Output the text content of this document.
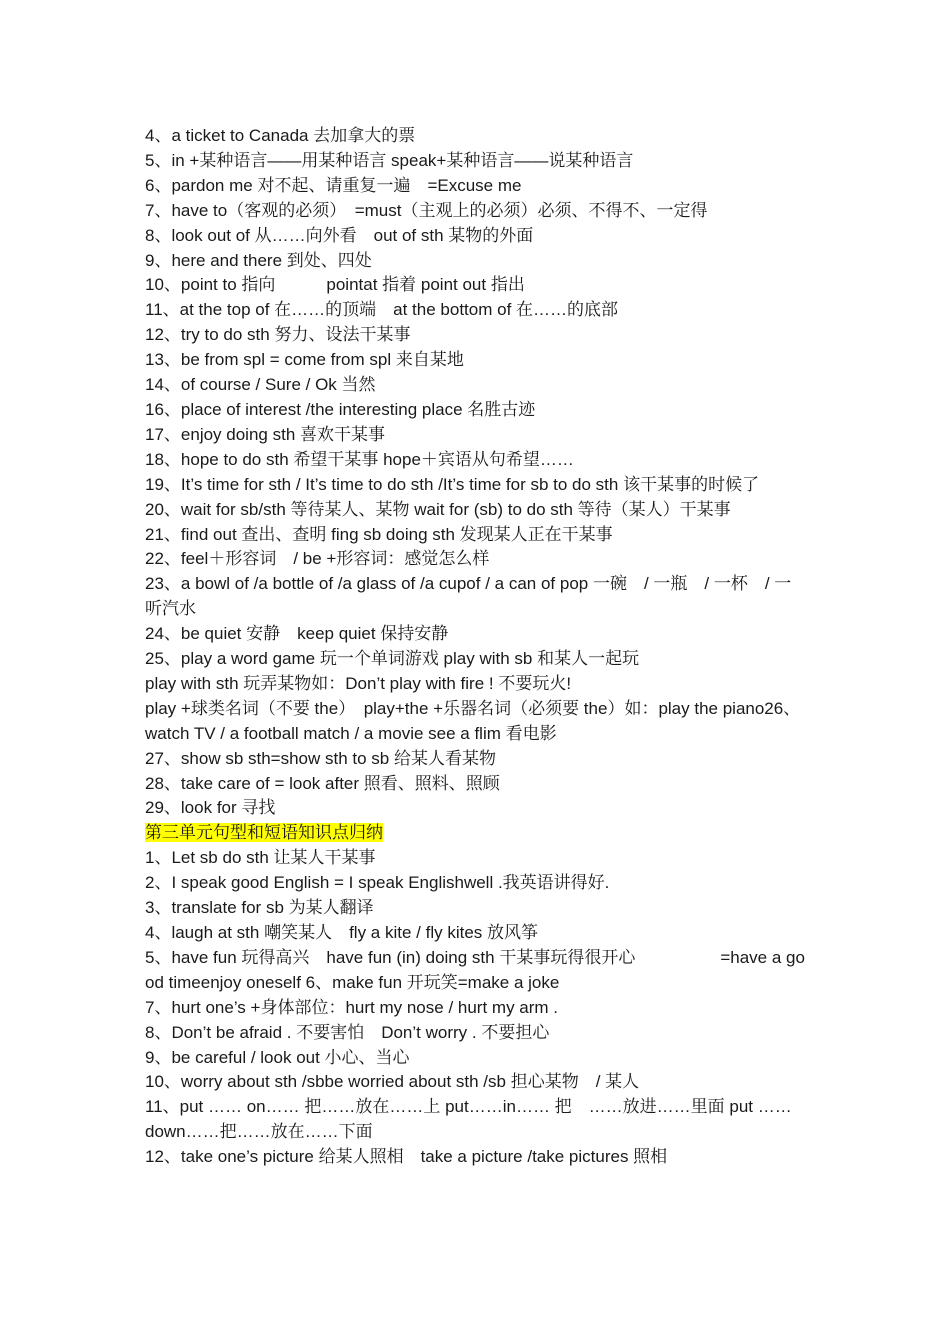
4、a ticket to Canada 去加拿大的票

5、in +某种语言——用某种语言 speak+某种语言——说某种语言

6、pardon me 对不起、请重复一遍　=Excuse me

7、have to（客观的必须）　=must（主观上的必须）必须、不得不、一定得

8、look out of 从……向外看　out of sth 某物的外面

9、here and there 到处、四处

10、point to 指向　　　pointat 指着 point out 指出

11、at the top of 在……的顶端　at the bottom of 在……的底部

12、try to do sth 努力、设法干某事

13、be from spl = come from spl 来自某地

14、of course / Sure / Ok 当然

16、place of interest /the interesting place 名胜古迹

17、enjoy doing sth 喜欢干某事

18、hope to do sth 希望干某事 hope＋宾语从句希望……

19、It’s time for sth / It’s time to do sth /It’s time for sb to do sth 该干某事的时候了

20、wait for sb/sth 等待某人、某物 wait for (sb) to do sth 等待（某人）干某事

21、find out 查出、查明 fing sb doing sth 发现某人正在干某事

22、feel＋形容词　/ be +形容词：感觉怎么样

23、a bowl of /a bottle of /a glass of /a cupof / a can of pop 一碗　/ 一瓶　/ 一杯　/ 一听汽水

24、be quiet 安静　keep quiet 保持安静

25、play a word game 玩一个单词游戏 play with sb 和某人一起玩

play with sth 玩弄某物如：Don’t play with fire ! 不要玩火!

play +球类名词（不要 the）　play+the +乐器名词（必须要 the）如：play the piano26、watch TV / a football match / a movie see a flim 看电影

27、show sb sth=show sth to sb 给某人看某物

28、take care of = look after 照看、照料、照顾

29、look for 寻找

第三单元句型和短语知识点归纳

1、Let sb do sth 让某人干某事

2、I speak good English = I speak Englishwell .我英语讲得好.

3、translate for sb 为某人翻译

4、laugh at sth 嘲笑某人　fly a kite / fly kites 放风筝

5、have fun 玩得高兴　have fun (in) doing sth 干某事玩得很开心　　　　　=have a good timeenjoy oneself 6、make fun 开玩笑=make a joke

7、hurt one’s +身体部位：hurt my nose / hurt my arm .

8、Don’t be afraid . 不要害怕　Don’t worry . 不要担心

9、be careful / look out 小心、当心

10、worry about sth /sbbe worried about sth /sb 担心某物　/ 某人

11、put …… on…… 把……放在……上 put……in…… 把　……放进……里面 put …… down……把……放在……下面

12、take one’s picture 给某人照相　take a picture /take pictures 照相
